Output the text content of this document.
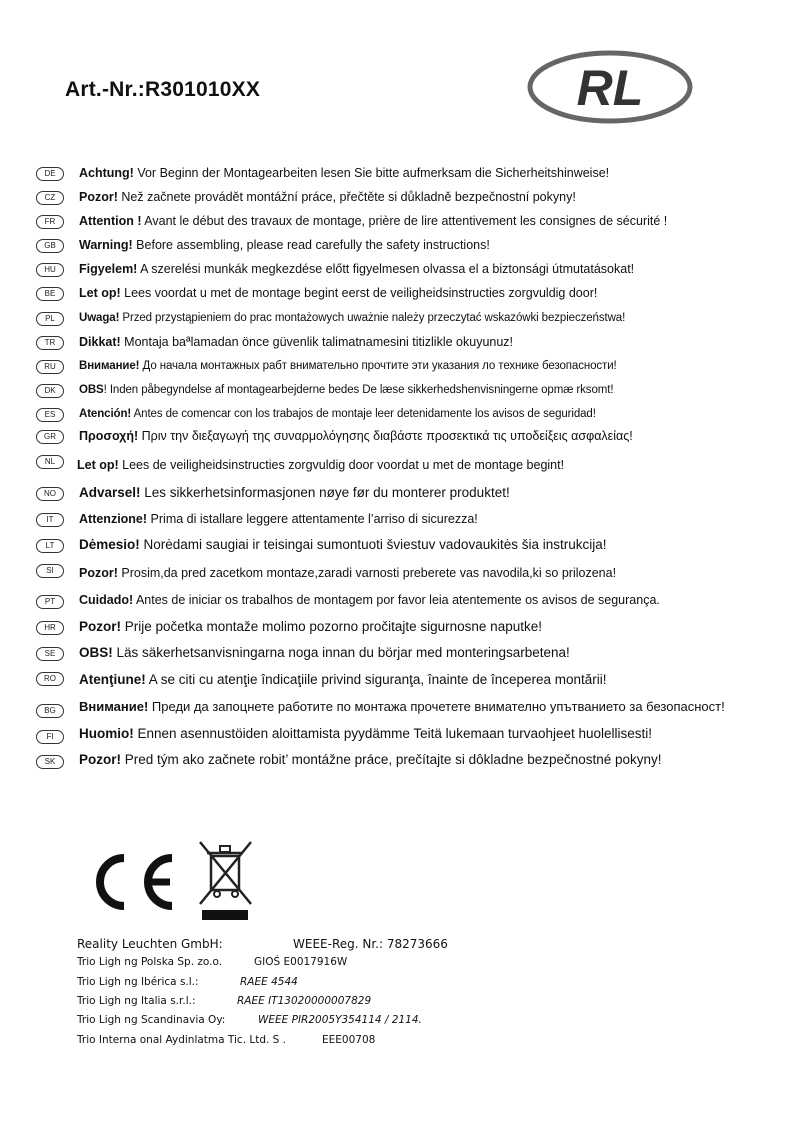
Art.-Nr.:R301010XX	RL
DE	Achtung! Vor Beginn der Montagearbeiten lesen Sie bitte aufmerksam die Sicherheitshinweise!
CZ	Pozor! Než začnete provádět montážní práce, přečtěte si důkladně bezpečnostní pokyny!
FR	Attention ! Avant le début des travaux de montage, prière de lire attentivement les consignes de sécurité !
GB	Warning! Before assembling, please read carefully the safety instructions!
HU	Figyelem! A szerelési munkák megkezdése előtt figyelmesen olvassa el a biztonsági útmutatásokat!
BE	Let op! Lees voordat u met de montage begint eerst de veiligheidsinstructies zorgvuldig door!
PL	Uwaga! Przed przystąpieniem do prac montażowych uważnie należy przeczytać wskazówki bezpieczeństwa!
TR	Dikkat! Montaja baªlamadan önce güvenlik talimatnamesini titizlikle okuyunuz!
RU	Внимание! До начала монтажных рабт внимательно прочтите эти указания ло технике безопасности!
DK	OBS! Inden påbegyndelse af montagearbejderne bedes De læse sikkerhedshenvisningerne opmæ rksomt!
ES	Atención! Antes de comencar con los trabajos de montaje leer detenidamente los avisos de seguridad!
GR	Προσοχή! Πριν την διεξαγωγή της συναρμολόγησης διαβάστε προσεκτικά τις υποδείξεις ασφαλείας!
NL	Let op! Lees de veiligheidsinstructies zorgvuldig door voordat u met de montage begint!
NO	Advarsel! Les sikkerhetsinformasjonen nøye før du monterer produktet!
IT	Attenzione! Prima di istallare leggere attentamente l’arriso di sicurezza!
LT	Dėmesio! Norėdami saugiai ir teisingai sumontuoti šviestuv vadovaukitės šia instrukcija!
SI	Pozor! Prosim,da pred zacetkom montaze,zaradi varnosti preberete vas navodila,ki so prilozena!
PT	Cuidado! Antes de iniciar os trabalhos de montagem por favor leia atentemente os avisos de segurança.
HR	Pozor! Prije početka montaže molimo pozorno pročitajte sigurnosne naputke!
SE	OBS! Läs säkerhetsanvisningarna noga innan du börjar med monteringsarbetena!
RO	Atenţiune! A se citi cu atenţie îndicaţiile privind siguranţa, înainte de începerea montării!
BG	Bнимание! Преди да запоцнете работите по монтажа прочетете внимателно упътванието за безопасност!
FI	Huomio! Ennen asennustöiden aloittamista pyydämme Teitä lukemaan turvaohjeet huolellisesti!
SK	Pozor! Pred tým ako začnete robit’ montážne práce, prečítajte si dôkladne bezpečnostné pokyny!
Reality Leuchten GmbH:	WEEE-Reg. Nr.: 78273666
Trio Ligh ng Polska Sp. zo.o.	GIOŚ E0017916W
Trio Ligh ng Ibérica s.l.:	RAEE 4544
Trio Ligh ng Italia s.r.l.:	RAEE IT13020000007829
Trio Ligh ng Scandinavia Oy:	WEEE PIR2005Y354114 / 2114.
Trio Interna onal Aydinlatma Tic. Ltd. S .	EEE00708
